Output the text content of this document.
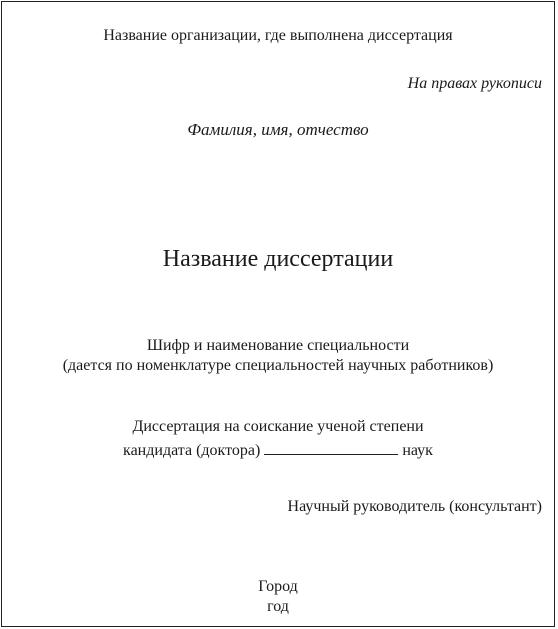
Название организации, где выполнена диссертация
На правах рукописи
Фамилия, имя, отчество
Название диссертации
Шифр и наименование специальности
(дается по номенклатуре специальностей научных работников)
Диссертация на соискание ученой степени
кандидата (доктора)	наук
Научный руководитель (консультант)
Город
год
